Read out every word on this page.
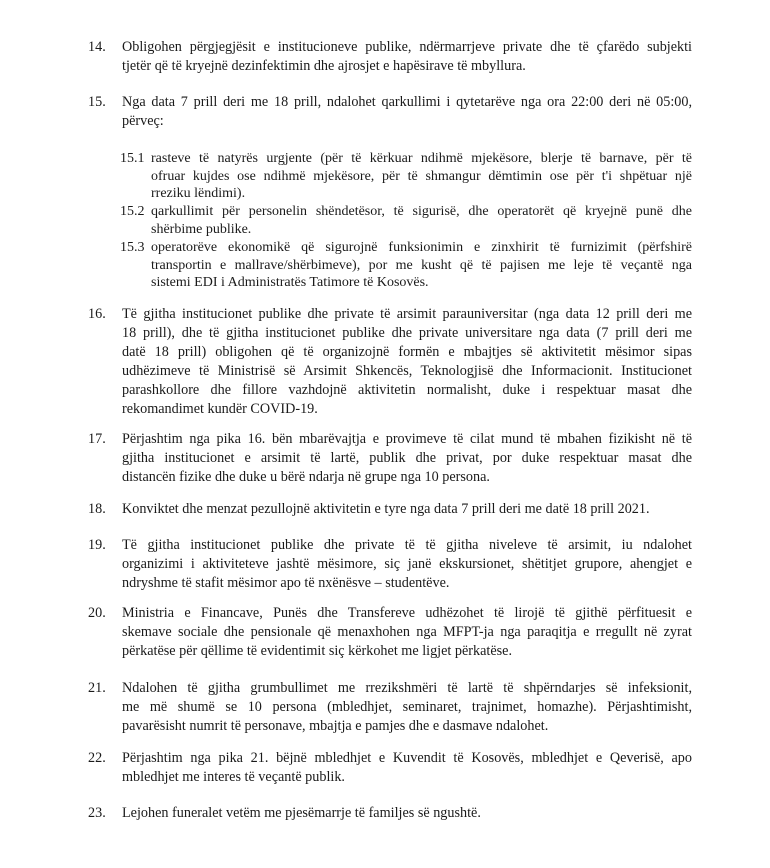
14.	Obligohen përgjegjësit e institucioneve publike, ndërmarrjeve private dhe të çfarëdo subjekti
tjetër që të kryejnë dezinfektimin dhe ajrosjet e hapësirave të mbyllura.
15.	Nga data 7 prill deri me 18 prill, ndalohet qarkullimi i qytetarëve nga ora 22:00 deri në 05:00,
përveç:
15.1 rasteve të natyrës urgjente (për të kërkuar ndihmë mjekësore, blerje të barnave, për të
ofruar kujdes ose ndihmë mjekësore, për të shmangur dëmtimin ose për t'i shpëtuar një
rreziku lëndimi).
15.2 qarkullimit për personelin shëndetësor, të sigurisë, dhe operatorët që kryejnë punë dhe
shërbime publike.
15.3 operatorëve ekonomikë që sigurojnë funksionimin e zinxhirit të furnizimit (përfshirë
transportin e mallrave/shërbimeve), por me kusht që të pajisen me leje të veçantë nga
sistemi EDI i Administratës Tatimore të Kosovës.
16.	Të gjitha institucionet publike dhe private të arsimit parauniversitar (nga data 12 prill deri me
18 prill), dhe të gjitha institucionet publike dhe private universitare nga data (7 prill deri me
datë 18 prill) obligohen që të organizojnë formën e mbajtjes së aktivitetit mësimor sipas
udhëzimeve të Ministrisë së Arsimit Shkencës, Teknologjisë dhe Informacionit. Institucionet
parashkollore dhe fillore vazhdojnë aktivitetin normalisht, duke i respektuar masat dhe
rekomandimet kundër COVID-19.
17.	Përjashtim nga pika 16. bën mbarëvajtja e provimeve të cilat mund të mbahen fizikisht në të
gjitha institucionet e arsimit të lartë, publik dhe privat, por duke respektuar masat dhe
distancën fizike dhe duke u bërë ndarja në grupe nga 10 persona.
18.	Konviktet dhe menzat pezullojnë aktivitetin e tyre nga data 7 prill deri me datë 18 prill 2021.
19.	Të gjitha institucionet publike dhe private të të gjitha niveleve të arsimit, iu ndalohet
organizimi i aktiviteteve jashtë mësimore, siç janë ekskursionet, shëtitjet grupore, ahengjet e
ndryshme të stafit mësimor apo të nxënësve – studentëve.
20.	Ministria e Financave, Punës dhe Transfereve udhëzohet të lirojë të gjithë përfituesit e
skemave sociale dhe pensionale që menaxhohen nga MFPT-ja nga paraqitja e rregullt në zyrat
përkatëse për qëllime të evidentimit siç kërkohet me ligjet përkatëse.
21.	Ndalohen të gjitha grumbullimet me rrezikshmëri të lartë të shpërndarjes së infeksionit,
me më shumë se 10 persona (mbledhjet, seminaret, trajnimet, homazhe). Përjashtimisht,
pavarësisht numrit të personave, mbajtja e pamjes dhe e dasmave ndalohet.
22.	Përjashtim nga pika 21. bëjnë mbledhjet e Kuvendit të Kosovës, mbledhjet e Qeverisë, apo
mbledhjet me interes të veçantë publik.
23.	Lejohen funeralet vetëm me pjesëmarrje të familjes së ngushtë.
